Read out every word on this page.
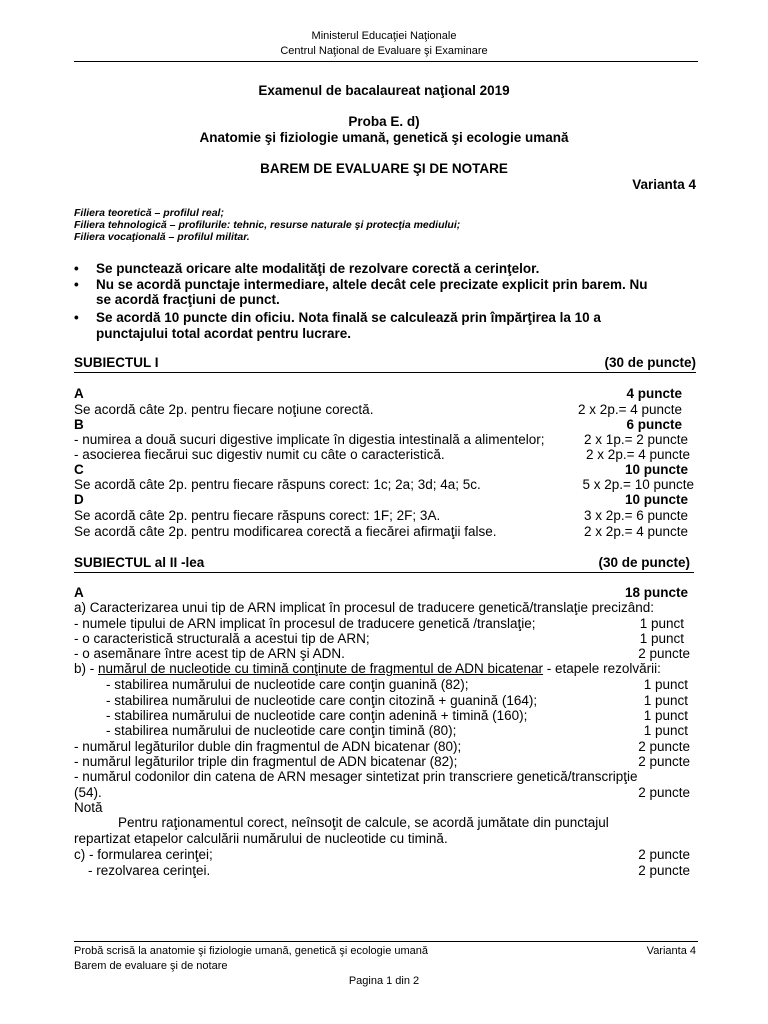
Ministerul Educaţiei Naţionale
Centrul Naţional de Evaluare şi Examinare
Examenul de bacalaureat naţional 2019
Proba E. d)
Anatomie şi fiziologie umană, genetică şi ecologie umană
BAREM DE EVALUARE ŞI DE NOTARE
Varianta 4
Filiera teoretică – profilul real;
Filiera tehnologică – profilurile: tehnic, resurse naturale şi protecţia mediului;
Filiera vocaţională – profilul militar.
• Se punctează oricare alte modalităţi de rezolvare corectă a cerinţelor.
• Nu se acordă punctaje intermediare, altele decât cele precizate explicit prin barem. Nu
se acordă fracţiuni de punct.
• Se acordă 10 puncte din oficiu. Nota finală se calculează prin împărţirea la 10 a
punctajului total acordat pentru lucrare.
SUBIECTUL I	(30 de puncte)
A	4 puncte
Se acordă câte 2p. pentru fiecare noţiune corectă.	2 x 2p.= 4 puncte
B	6 puncte
- numirea a două sucuri digestive implicate în digestia intestinală a alimentelor;	2 x 1p.= 2 puncte
- asocierea fiecărui suc digestiv numit cu câte o caracteristică.	2 x 2p.= 4 puncte
C	10 puncte
Se acordă câte 2p. pentru fiecare răspuns corect: 1c; 2a; 3d; 4a; 5c.	5 x 2p.= 10 puncte
D	10 puncte
Se acordă câte 2p. pentru fiecare răspuns corect: 1F; 2F; 3A.	3 x 2p.= 6 puncte
Se acordă câte 2p. pentru modificarea corectă a fiecărei afirmaţii false.	2 x 2p.= 4 puncte
SUBIECTUL al II -lea	(30 de puncte)
A	18 puncte
a) Caracterizarea unui tip de ARN implicat în procesul de traducere genetică/translaţie precizând:
- numele tipului de ARN implicat în procesul de traducere genetică /translaţie;	1 punct
- o caracteristică structurală a acestui tip de ARN;	1 punct
- o asemănare între acest tip de ARN şi ADN.	2 puncte
b) - numărul de nucleotide cu timină conţinute de fragmentul de ADN bicatenar - etapele rezolvării:
- stabilirea numărului de nucleotide care conţin guanină (82);	1 punct
- stabilirea numărului de nucleotide care conţin citozină + guanină (164);	1 punct
- stabilirea numărului de nucleotide care conţin adenină + timină (160);	1 punct
- stabilirea numărului de nucleotide care conţin timină (80);	1 punct
- numărul legăturilor duble din fragmentul de ADN bicatenar (80);	2 puncte
- numărul legăturilor triple din fragmentul de ADN bicatenar (82);	2 puncte
- numărul codonilor din catena de ARN mesager sintetizat prin transcriere genetică/transcripţie
(54).	2 puncte
Notă
Pentru raţionamentul corect, neînsoţit de calcule, se acordă jumătate din punctajul
repartizat etapelor calculării numărului de nucleotide cu timină.
c) - formularea cerinţei;	2 puncte
- rezolvarea cerinţei.	2 puncte
Probă scrisă la anatomie şi fiziologie umană, genetică şi ecologie umană	Varianta 4
Barem de evaluare şi de notare
Pagina 1 din 2
